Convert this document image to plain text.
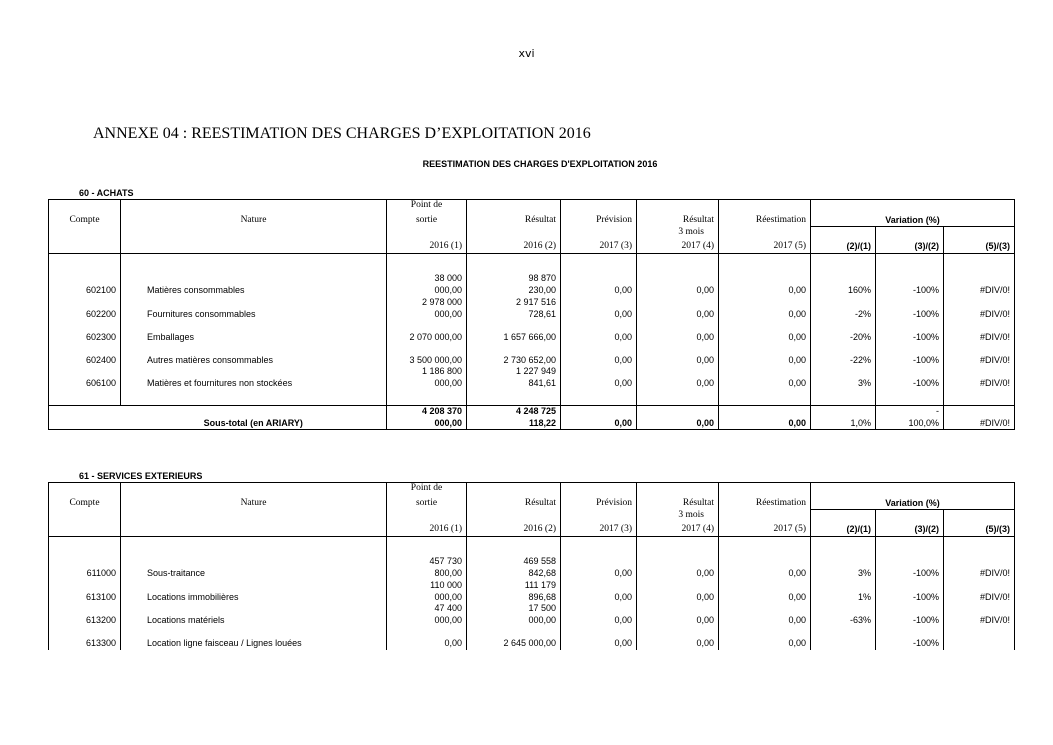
xvi
ANNEXE 04 : REESTIMATION DES CHARGES D’EXPLOITATION 2016
REESTIMATION DES CHARGES D'EXPLOITATION 2016
60 - ACHATS
		Point de							
Compte	Nature	sortie	Résultat	Prévision	Résultat	Réestimation	Variation (%)		
					3 mois				
		2016 (1)	2016 (2)	2017 (3)	2017 (4)	2017 (5)	(2)/(1)	(3)/(2)	(5)/(3)

		38 000	98 870						
602100	Matières consommables	000,00	230,00	0,00	0,00	0,00	160%	-100%	#DIV/0!
		2 978 000	2 917 516						
602200	Fournitures consommables	000,00	728,61	0,00	0,00	0,00	-2%	-100%	#DIV/0!

602300	Emballages	2 070 000,00	1 657 666,00	0,00	0,00	0,00	-20%	-100%	#DIV/0!

602400	Autres matières consommables	3 500 000,00	2 730 652,00	0,00	0,00	0,00	-22%	-100%	#DIV/0!
		1 186 800	1 227 949						
606100	Matières et fournitures non stockées	000,00	841,61	0,00	0,00	0,00	3%	-100%	#DIV/0!

		4 208 370	4 248 725					-	
	Sous-total (en ARIARY)	000,00	118,22	0,00	0,00	0,00	1,0%	100,0%	#DIV/0!
61 - SERVICES EXTERIEURS
		Point de							
Compte	Nature	sortie	Résultat	Prévision	Résultat	Réestimation	Variation (%)		
					3 mois				
		2016 (1)	2016 (2)	2017 (3)	2017 (4)	2017 (5)	(2)/(1)	(3)/(2)	(5)/(3)

		457 730	469 558						
611000	Sous-traitance	800,00	842,68	0,00	0,00	0,00	3%	-100%	#DIV/0!
		110 000	111 179						
613100	Locations immobilières	000,00	896,68	0,00	0,00	0,00	1%	-100%	#DIV/0!
		47 400	17 500						
613200	Locations matériels	000,00	000,00	0,00	0,00	0,00	-63%	-100%	#DIV/0!

613300	Location ligne faisceau / Lignes louées	0,00	2 645 000,00	0,00	0,00	0,00		-100%	
